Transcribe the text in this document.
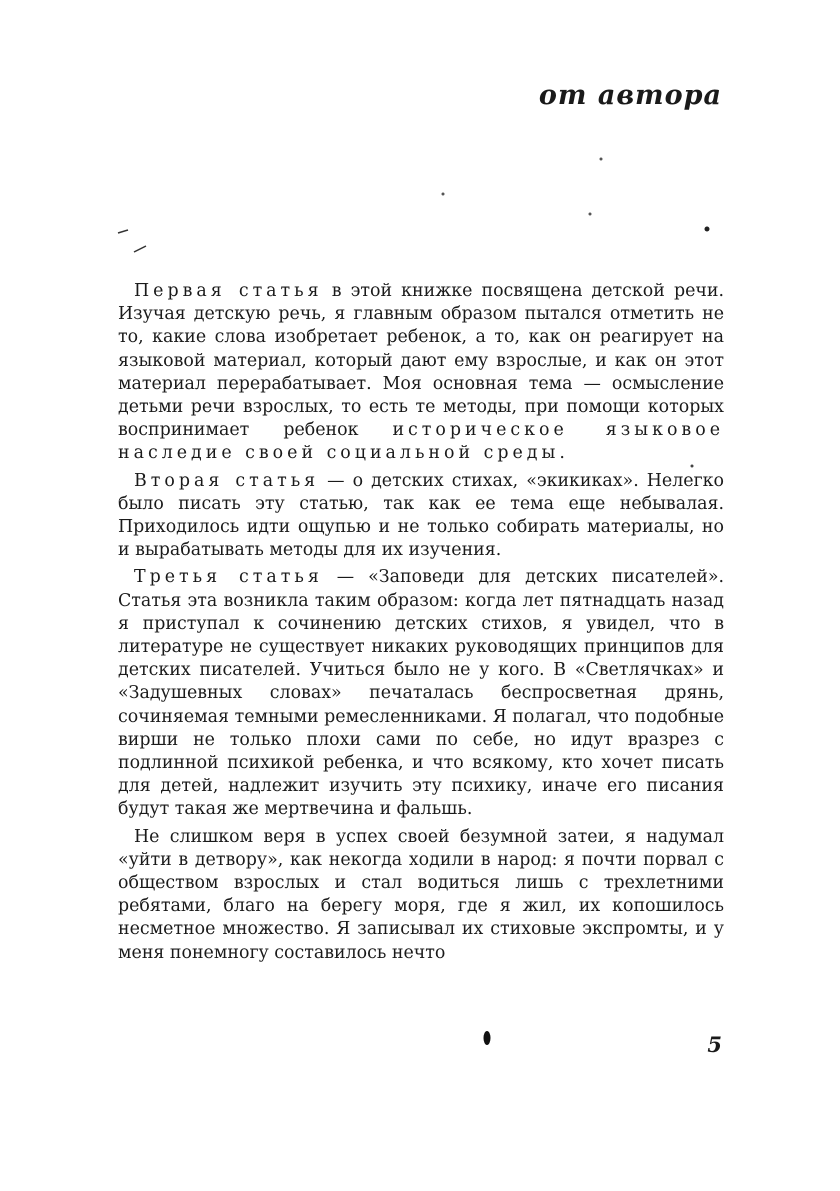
от автора

Первая статья в этой книжке посвящена детской речи. Изучая детскую речь, я главным образом пытался отметить не то, какие слова изобретает ребенок, а то, как он реагирует на языковой материал, который дают ему взрослые, и как он этот материал перерабатывает. Моя основная тема — осмысление детьми речи взрослых, то есть те методы, при помощи которых воспринимает ребенок историческое языковое наследие своей социальной среды.

Вторая статья — о детских стихах, «экикиках». Нелегко было писать эту статью, так как ее тема еще небывалая. Приходилось идти ощупью и не только собирать материалы, но и вырабатывать методы для их изучения.

Третья статья — «Заповеди для детских писателей». Статья эта возникла таким образом: когда лет пятнадцать назад я приступал к сочинению детских стихов, я увидел, что в литературе не существует никаких руководящих принципов для детских писателей. Учиться было не у кого. В «Светлячках» и «Задушевных словах» печаталась беспросветная дрянь, сочиняемая темными ремесленниками. Я полагал, что подобные вирши не только плохи сами по себе, но идут вразрез с подлинной психикой ребенка, и что всякому, кто хочет писать для детей, надлежит изучить эту психику, иначе его писания будут такая же мертвечина и фальшь.

Не слишком веря в успех своей безумной затеи, я надумал «уйти в детвору», как некогда ходили в народ: я почти порвал с обществом взрослых и стал водиться лишь с трехлетними ребятами, благо на берегу моря, где я жил, их копошилось несметное множество. Я записывал их стиховые экспромты, и у меня понемногу составилось нечто

5
